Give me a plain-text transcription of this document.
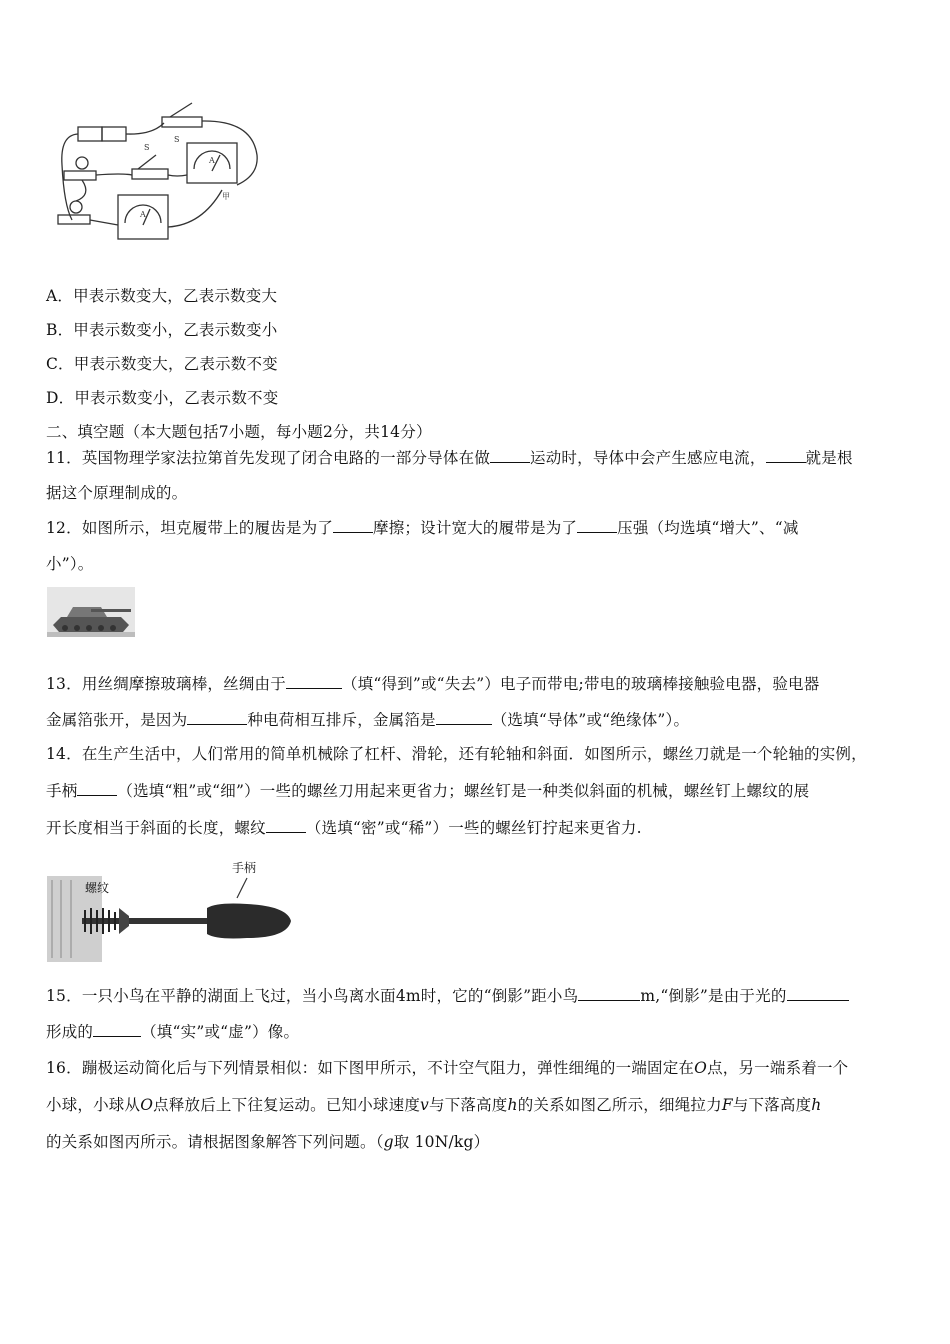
S
S
A
A
甲
A．甲表示数变大，乙表示数变大
B．甲表示数变小，乙表示数变小
C．甲表示数变大，乙表示数不变
D．甲表示数变小，乙表示数不变
二、填空题（本大题包括7小题，每小题2分，共14分）
11．英国物理学家法拉第首先发现了闭合电路的一部分导体在做	运动时，导体中会产生感应电流，	就是根
据这个原理制成的。
12．如图所示，坦克履带上的履齿是为了	摩擦；设计宽大的履带是为了	压强（均选填“增大”、“减
小”）。
13．用丝绸摩擦玻璃棒，丝绸由于	（填“得到”或“失去”）电子而带电;带电的玻璃棒接触验电器，验电器
金属箔张开，是因为	种电荷相互排斥，金属箔是	（选填“导体”或“绝缘体”）。
14．在生产生活中，人们常用的简单机械除了杠杆、滑轮，还有轮轴和斜面．如图所示，螺丝刀就是一个轮轴的实例，
手柄	（选填“粗”或“细”）一些的螺丝刀用起来更省力；螺丝钉是一种类似斜面的机械，螺丝钉上螺纹的展
开长度相当于斜面的长度，螺纹	（选填“密”或“稀”）一些的螺丝钉拧起来更省力.
手柄
螺纹
15．一只小鸟在平静的湖面上飞过，当小鸟离水面4m时，它的“倒影”距小鸟	m,“倒影”是由于光的
形成的	（填“实”或“虚”）像。
16．蹦极运动简化后与下列情景相似：如下图甲所示，不计空气阻力，弹性细绳的一端固定在O点，另一端系着一个
小球，小球从O点释放后上下往复运动。已知小球速度v与下落高度h的关系如图乙所示，细绳拉力F与下落高度h
的关系如图丙所示。请根据图象解答下列问题。（g取 10N/kg）
